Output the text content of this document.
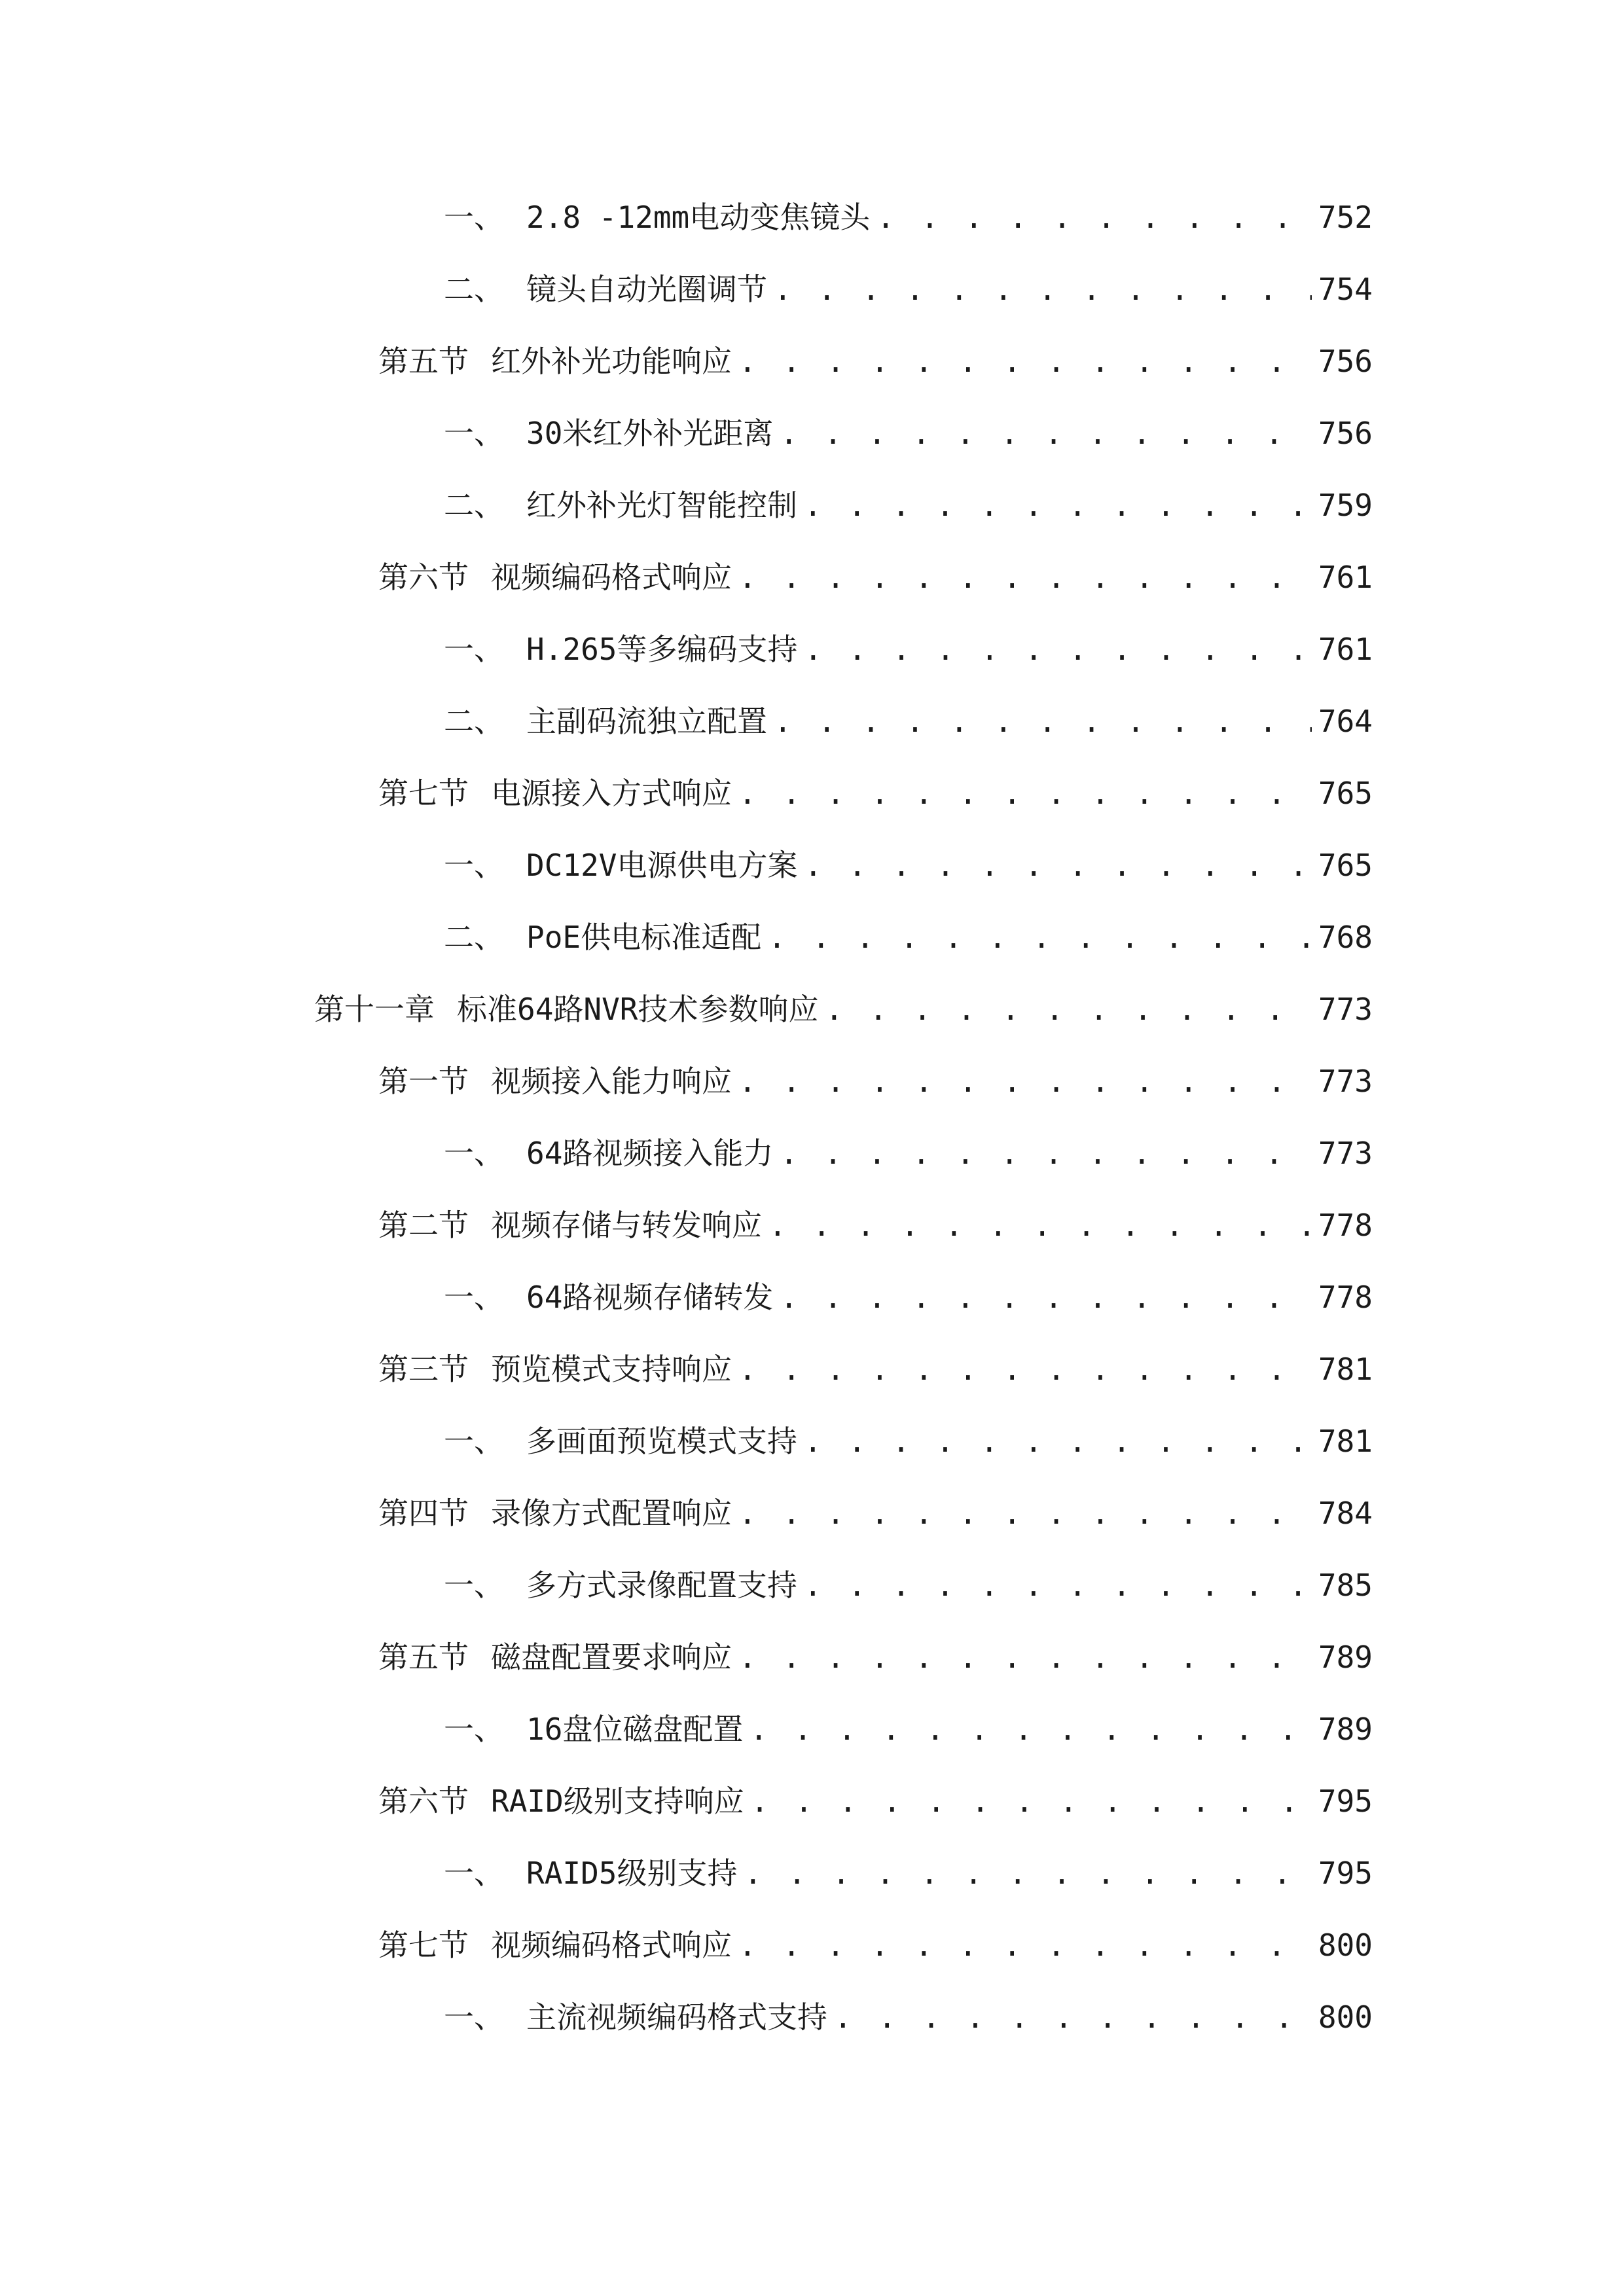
一、 2.8 -12mm电动变焦镜头 . . .	752
二、 镜头自动光圈调节 . . .	754
第五节 红外补光功能响应 . . .	756
一、 30米红外补光距离 . . .	756
二、 红外补光灯智能控制 . . .	759
第六节 视频编码格式响应 . . .	761
一、 H.265等多编码支持 . . .	761
二、 主副码流独立配置 . . .	764
第七节 电源接入方式响应 . . .	765
一、 DC12V电源供电方案 . . .	765
二、 PoE供电标准适配 . . .	768
第十一章 标准64路NVR技术参数响应 . . .	773
第一节 视频接入能力响应 . . .	773
一、 64路视频接入能力 . . .	773
第二节 视频存储与转发响应 . . .	778
一、 64路视频存储转发 . . .	778
第三节 预览模式支持响应 . . .	781
一、 多画面预览模式支持 . . .	781
第四节 录像方式配置响应 . . .	784
一、 多方式录像配置支持 . . .	785
第五节 磁盘配置要求响应 . . .	789
一、 16盘位磁盘配置 . . .	789
第六节 RAID级别支持响应 . . .	795
一、 RAID5级别支持 . . .	795
第七节 视频编码格式响应 . . .	800
一、 主流视频编码格式支持 . . .	800
